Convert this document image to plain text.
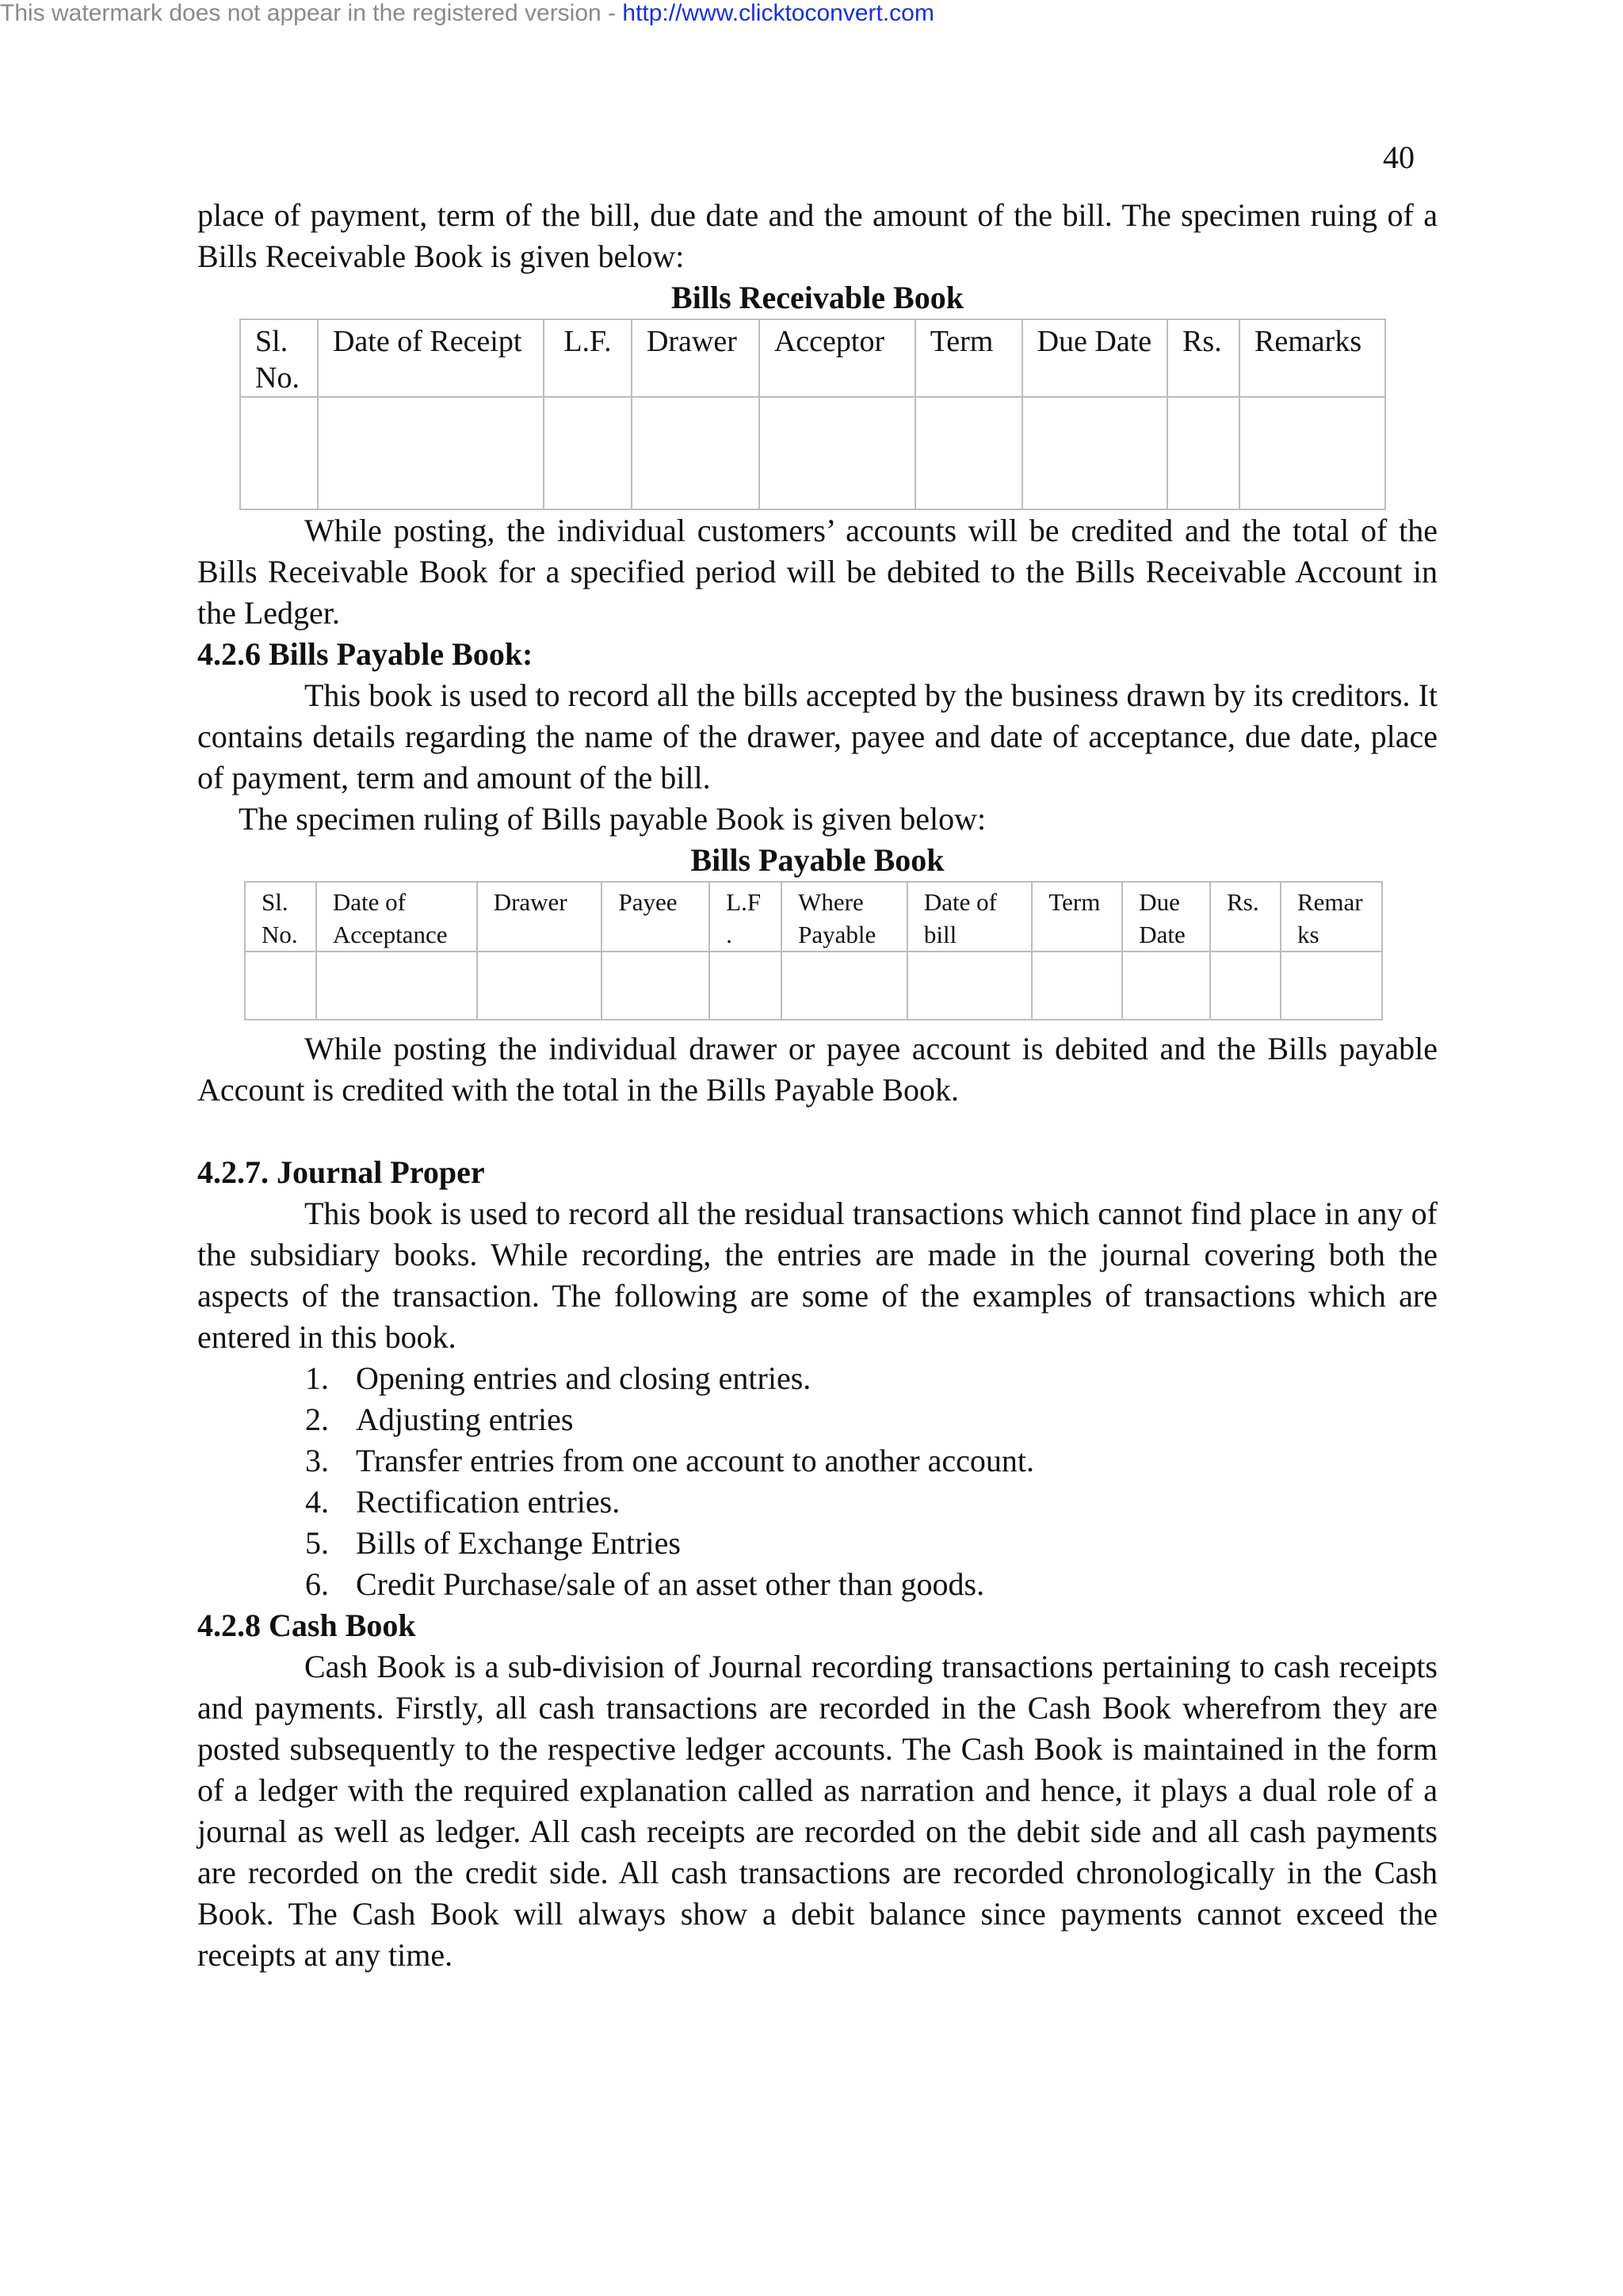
This watermark does not appear in the registered version - http://www.clicktoconvert.com
40

place of payment, term of the bill, due date and the amount of the bill. The specimen ruing of a Bills Receivable Book is given below:

Bills Receivable Book
Sl. No.	Date of Receipt	L.F.	Drawer	Acceptor	Term	Due Date	Rs.	Remarks

While posting, the individual customers’ accounts will be credited and the total of the Bills Receivable Book for a specified period will be debited to the Bills Receivable Account in the Ledger.

4.2.6 Bills Payable Book:

This book is used to record all the bills accepted by the business drawn by its creditors. It contains details regarding the name of the drawer, payee and date of acceptance, due date, place of payment, term and amount of the bill.

The specimen ruling of Bills payable Book is given below:

Bills Payable Book
Sl. No.	Date of Acceptance	Drawer	Payee	L.F .	Where Payable	Date of bill	Term	Due Date	Rs.	Remar ks

While posting the individual drawer or payee account is debited and the Bills payable Account is credited with the total in the Bills Payable Book.

4.2.7. Journal Proper

This book is used to record all the residual transactions which cannot find place in any of the subsidiary books. While recording, the entries are made in the journal covering both the aspects of the transaction. The following are some of the examples of transactions which are entered in this book.

1. Opening entries and closing entries.
2. Adjusting entries
3. Transfer entries from one account to another account.
4. Rectification entries.
5. Bills of Exchange Entries
6. Credit Purchase/sale of an asset other than goods.
4.2.8 Cash Book

Cash Book is a sub-division of Journal recording transactions pertaining to cash receipts and payments. Firstly, all cash transactions are recorded in the Cash Book wherefrom they are posted subsequently to the respective ledger accounts. The Cash Book is maintained in the form of a ledger with the required explanation called as narration and hence, it plays a dual role of a journal as well as ledger. All cash receipts are recorded on the debit side and all cash payments are recorded on the credit side. All cash transactions are recorded chronologically in the Cash Book. The Cash Book will always show a debit balance since payments cannot exceed the receipts at any time.
